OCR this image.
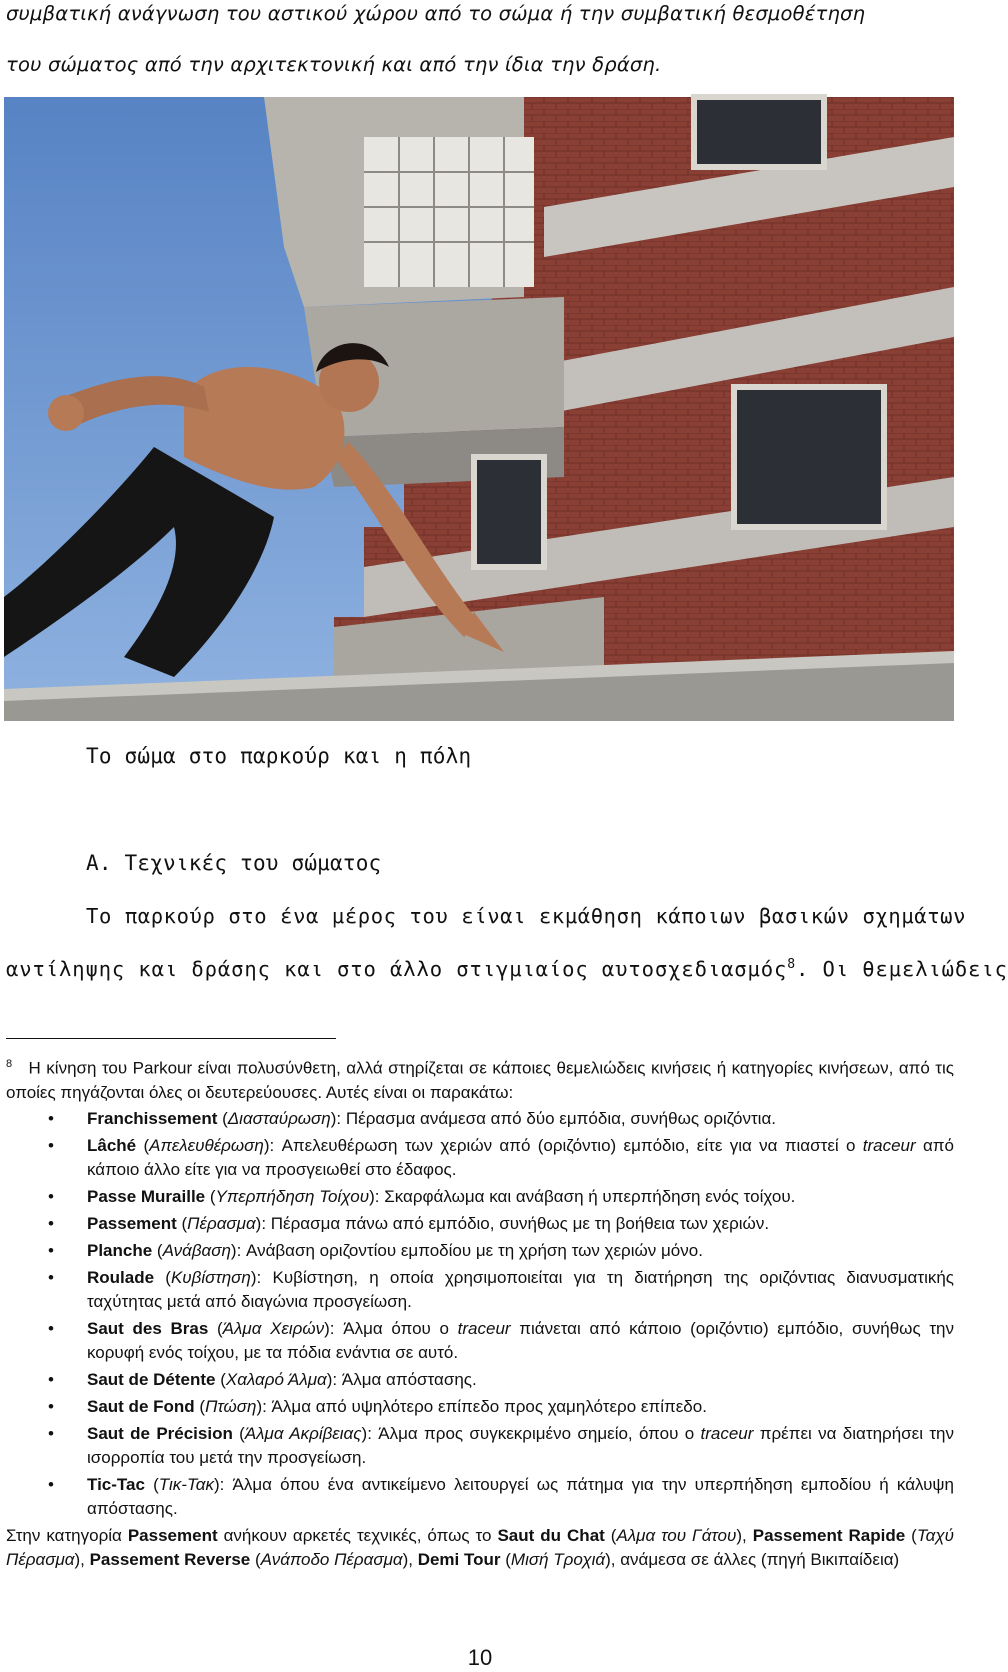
συμβατική ανάγνωση του αστικού χώρου από το σώμα ή την συμβατική θεσμοθέτηση
του σώματος από την αρχιτεκτονική και από την ίδια την δράση.
Το σώμα στο παρκούρ και η πόλη
Α. Τεχνικές του σώματος
Το παρκούρ στο ένα μέρος του είναι εκμάθηση κάποιων βασικών σχημάτων
αντίληψης και δράσης και στο άλλο στιγμιαίος αυτοσχεδιασμός$^8$. Οι θεμελιώδεις

$^8$ Η κίνηση του Parkour είναι πολυσύνθετη, αλλά στηρίζεται σε κάποιες θεμελιώδεις κινήσεις ή κατηγορίες κινήσεων, από τις οποίες πηγάζονται όλες οι δευτερεύουσες. Αυτές είναι οι παρακάτω:

• Franchissement (Διασταύρωση): Πέρασμα ανάμεσα από δύο εμπόδια, συνήθως οριζόντια.
• Lâché (Απελευθέρωση): Απελευθέρωση των χεριών από (οριζόντιο) εμπόδιο, είτε για να πιαστεί ο traceur από κάποιο άλλο είτε για να προσγειωθεί στο έδαφος.
• Passe Muraille (Υπερπήδηση Τοίχου): Σκαρφάλωμα και ανάβαση ή υπερπήδηση ενός τοίχου.
• Passement (Πέρασμα): Πέρασμα πάνω από εμπόδιο, συνήθως με τη βοήθεια των χεριών.
• Planche (Ανάβαση): Ανάβαση οριζοντίου εμποδίου με τη χρήση των χεριών μόνο.
• Roulade (Κυβίστηση): Κυβίστηση, η οποία χρησιμοποιείται για τη διατήρηση της οριζόντιας διανυσματικής ταχύτητας μετά από διαγώνια προσγείωση.
• Saut des Bras (Άλμα Χειρών): Άλμα όπου ο traceur πιάνεται από κάποιο (οριζόντιο) εμπόδιο, συνήθως την κορυφή ενός τοίχου, με τα πόδια ενάντια σε αυτό.
• Saut de Détente (Χαλαρό Άλμα): Άλμα απόστασης.
• Saut de Fond (Πτώση): Άλμα από υψηλότερο επίπεδο προς χαμηλότερο επίπεδο.
• Saut de Précision (Άλμα Ακρίβειας): Άλμα προς συγκεκριμένο σημείο, όπου ο traceur πρέπει να διατηρήσει την ισορροπία του μετά την προσγείωση.
• Tic-Tac (Τικ-Τακ): Άλμα όπου ένα αντικείμενο λειτουργεί ως πάτημα για την υπερπήδηση εμποδίου ή κάλυψη απόστασης.

Στην κατηγορία Passement ανήκουν αρκετές τεχνικές, όπως το Saut du Chat (Αλμα του Γάτου), Passement Rapide (Ταχύ Πέρασμα), Passement Reverse (Ανάποδο Πέρασμα), Demi Tour (Μισή Τροχιά), ανάμεσα σε άλλες (πηγή Βικιπαίδεια)

10
